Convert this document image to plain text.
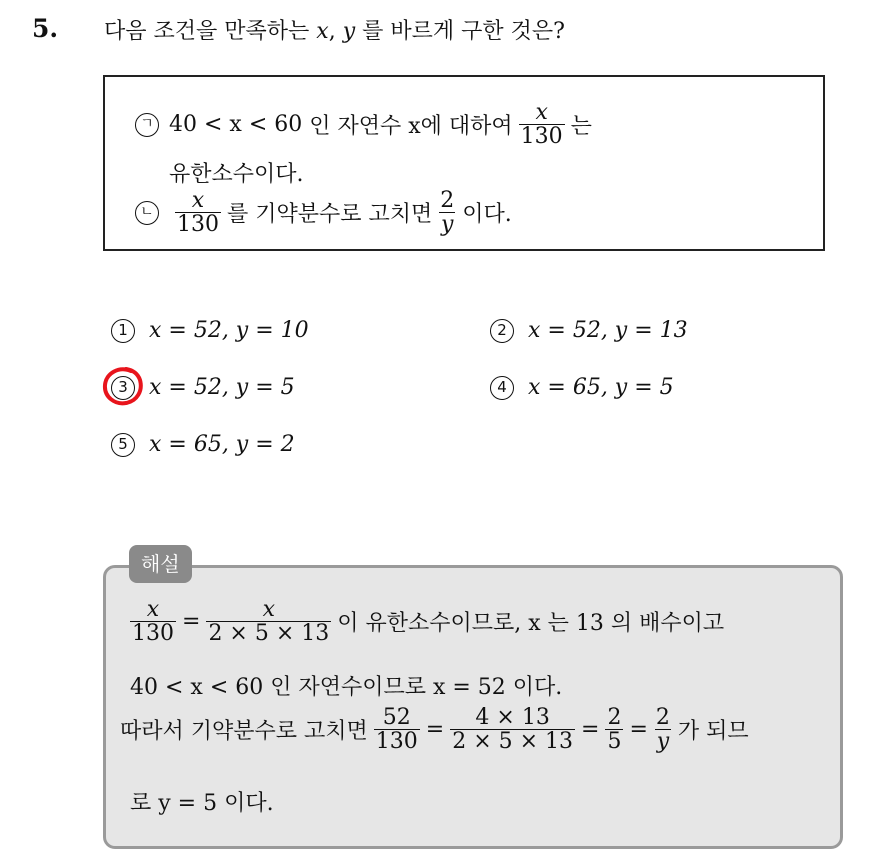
5. 다음 조건을 만족하는 x, y 를 바르게 구한 것은?
ㄱ 40 < x < 60
인 자연수 x에 대하여 $\frac{x}{130}$ 는
유한소수이다.
ㄴ $\frac{x}{130}$ 를 기약분수로 고치면 $\frac{2}{y}$ 이다.
1 x = 52, y = 10	2 x = 52, y = 13
3 x = 52, y = 5	4 x = 65, y = 5
5 x = 65, y = 2
$\frac{x}{130} = \frac{x}{2 \times 5 \times 13}$ 이 유한소수이므로, x 는 13 의 배수이고
40 < x < 60 인 자연수이므로 x = 52 이다.
따라서 기약분수로 고치면 $\frac{52}{130} = \frac{4 \times 13}{2 \times 5 \times 13} = \frac{2}{5} = \frac{2}{y}$ 가 되므
로 y = 5 이다.
해설
